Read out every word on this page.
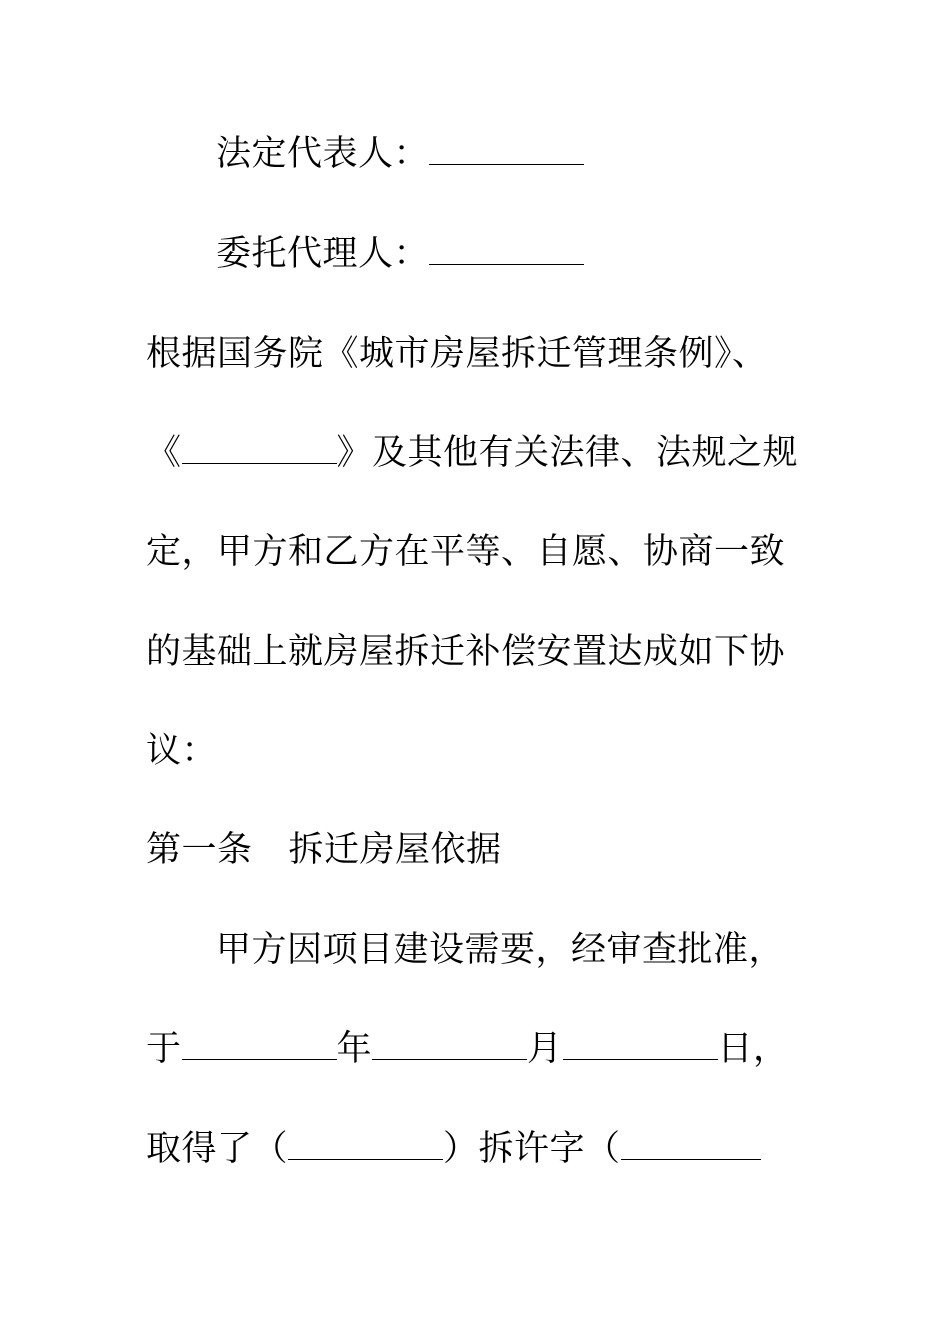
法定代表人：
委托代理人：
根据国务院《城市房屋拆迁管理条例》、
《	》及其他有关法律、法规之规
定，甲方和乙方在平等、自愿、协商一致
的基础上就房屋拆迁补偿安置达成如下协
议：
第一条 拆迁房屋依据
甲方因项目建设需要，经审查批准，
于	年	月	日，
取得了（	）拆许字（
